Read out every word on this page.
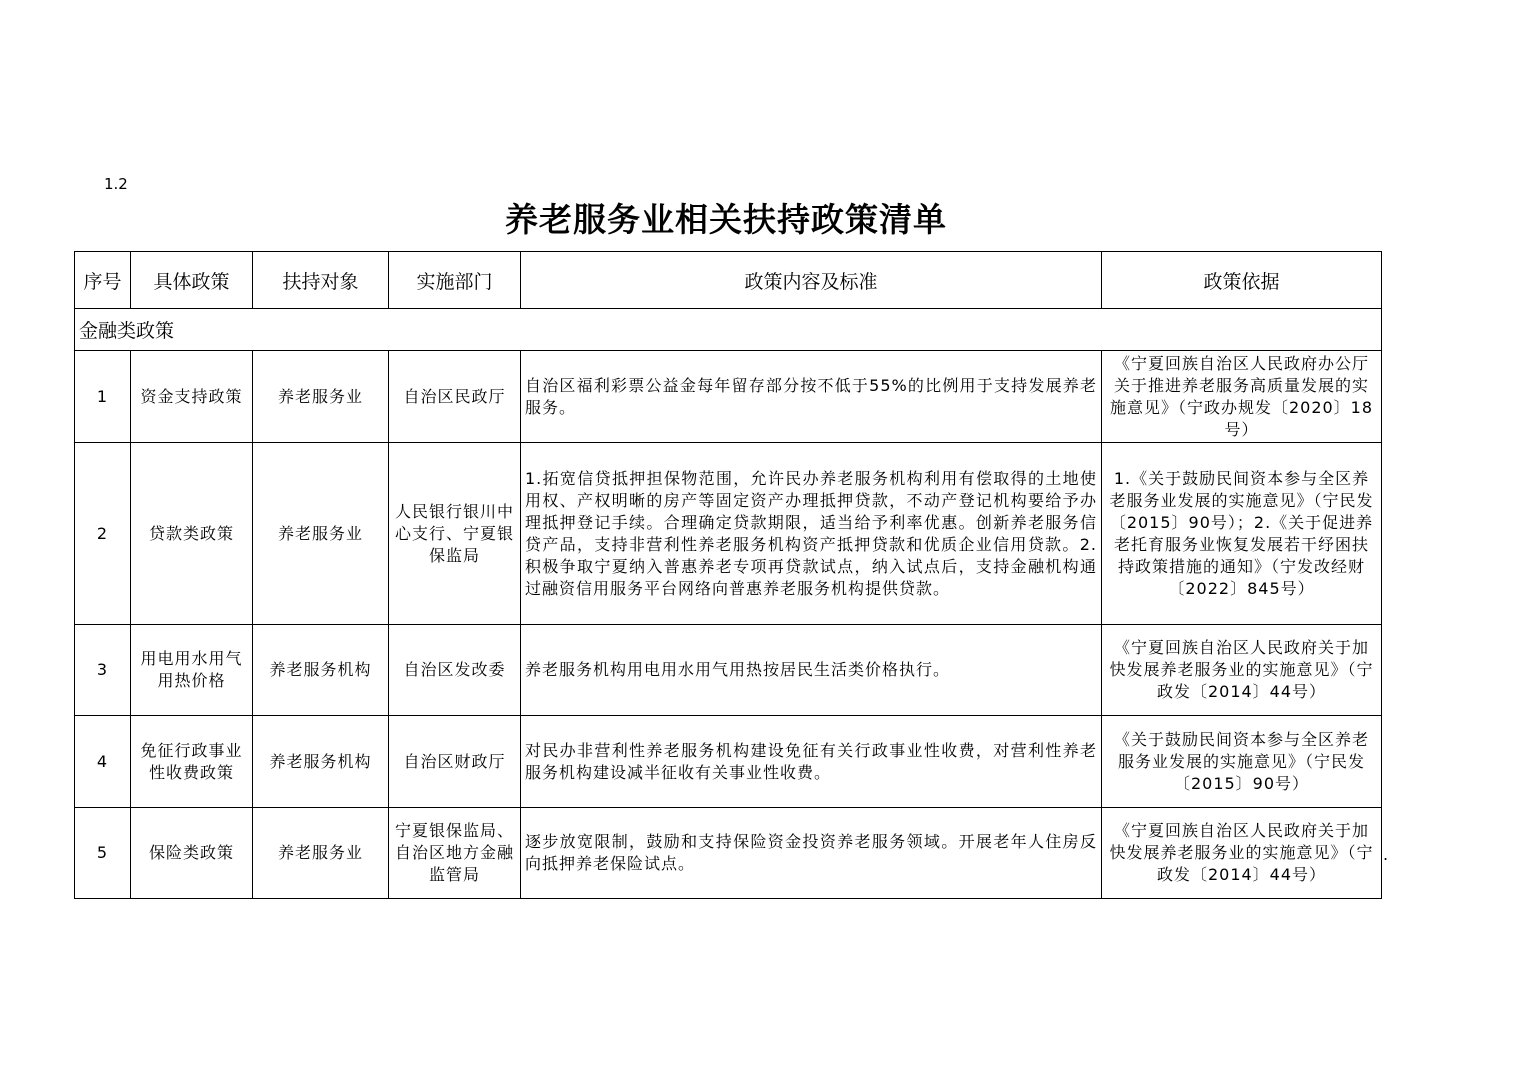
1.2
养老服务业相关扶持政策清单
序号	具体政策	扶持对象	实施部门	政策内容及标准	政策依据
金融类政策					
1	资金支持政策	养老服务业	自治区民政厅	自治区福利彩票公益金每年留存部分按不低于55%的比例用于支持发展养老服务。	《宁夏回族自治区人民政府办公厅关于推进养老服务高质量发展的实施意见》（宁政办规发〔2020〕18号）
2	贷款类政策	养老服务业	人民银行银川中心支行、宁夏银保监局	1.拓宽信贷抵押担保物范围，允许民办养老服务机构利用有偿取得的土地使用权、产权明晰的房产等固定资产办理抵押贷款，不动产登记机构要给予办理抵押登记手续。合理确定贷款期限，适当给予利率优惠。创新养老服务信贷产品，支持非营利性养老服务机构资产抵押贷款和优质企业信用贷款。2.积极争取宁夏纳入普惠养老专项再贷款试点，纳入试点后，支持金融机构通过融资信用服务平台网络向普惠养老服务机构提供贷款。	1.《关于鼓励民间资本参与全区养老服务业发展的实施意见》（宁民发〔2015〕90号）；2.《关于促进养老托育服务业恢复发展若干纾困扶持政策措施的通知》（宁发改经财〔2022〕845号）
3	用电用水用气用热价格	养老服务机构	自治区发改委	养老服务机构用电用水用气用热按居民生活类价格执行。	《宁夏回族自治区人民政府关于加快发展养老服务业的实施意见》（宁政发〔2014〕44号）
4	免征行政事业性收费政策	养老服务机构	自治区财政厅	对民办非营利性养老服务机构建设免征有关行政事业性收费，对营利性养老服务机构建设减半征收有关事业性收费。	《关于鼓励民间资本参与全区养老服务业发展的实施意见》（宁民发〔2015〕90号）
5	保险类政策	养老服务业	宁夏银保监局、自治区地方金融监管局	逐步放宽限制，鼓励和支持保险资金投资养老服务领域。开展老年人住房反向抵押养老保险试点。	《宁夏回族自治区人民政府关于加快发展养老服务业的实施意见》（宁政发〔2014〕44号）
.
